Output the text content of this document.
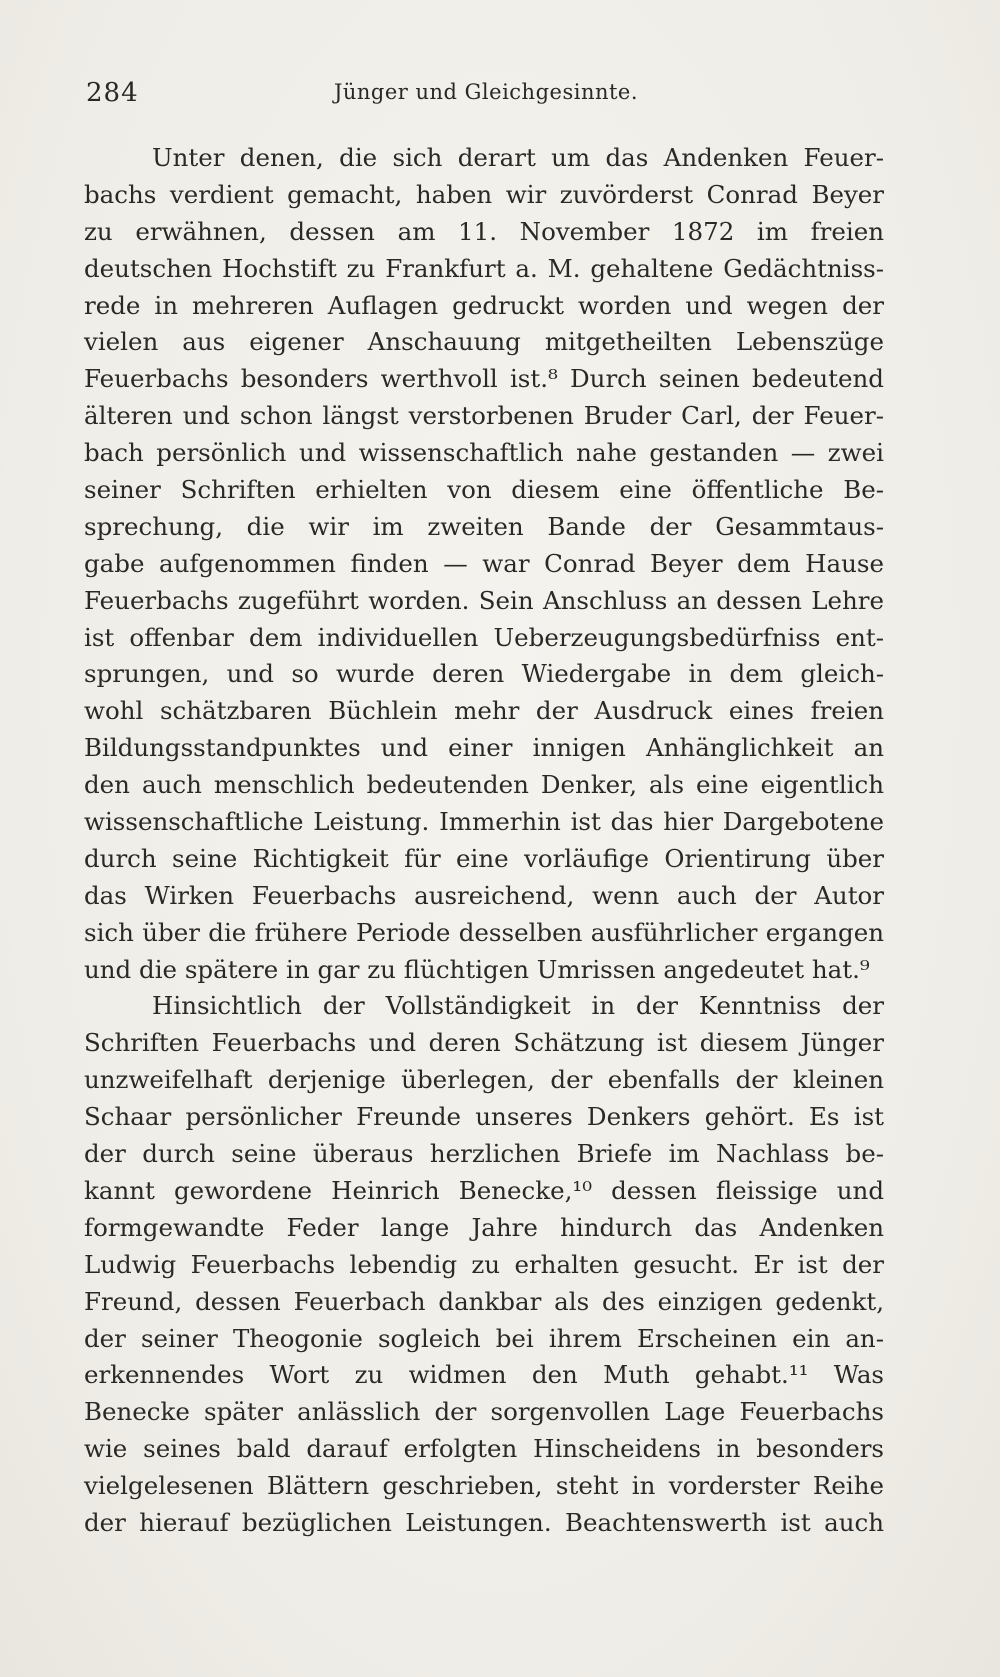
284	Jünger und Gleichgesinnte.
Unter denen, die sich derart um das Andenken Feuer-
bachs verdient gemacht, haben wir zuvörderst Conrad Beyer
zu erwähnen, dessen am 11. November 1872 im freien
deutschen Hochstift zu Frankfurt a. M. gehaltene Gedächtniss-
rede in mehreren Auflagen gedruckt worden und wegen der
vielen aus eigener Anschauung mitgetheilten Lebenszüge
Feuerbachs besonders werthvoll ist.⁸ Durch seinen bedeutend
älteren und schon längst verstorbenen Bruder Carl, der Feuer-
bach persönlich und wissenschaftlich nahe gestanden — zwei
seiner Schriften erhielten von diesem eine öffentliche Be-
sprechung, die wir im zweiten Bande der Gesammtaus-
gabe aufgenommen finden — war Conrad Beyer dem Hause
Feuerbachs zugeführt worden. Sein Anschluss an dessen Lehre
ist offenbar dem individuellen Ueberzeugungsbedürfniss ent-
sprungen, und so wurde deren Wiedergabe in dem gleich-
wohl schätzbaren Büchlein mehr der Ausdruck eines freien
Bildungsstandpunktes und einer innigen Anhänglichkeit an
den auch menschlich bedeutenden Denker, als eine eigentlich
wissenschaftliche Leistung. Immerhin ist das hier Dargebotene
durch seine Richtigkeit für eine vorläufige Orientirung über
das Wirken Feuerbachs ausreichend, wenn auch der Autor
sich über die frühere Periode desselben ausführlicher ergangen
und die spätere in gar zu flüchtigen Umrissen angedeutet hat.⁹
Hinsichtlich der Vollständigkeit in der Kenntniss der
Schriften Feuerbachs und deren Schätzung ist diesem Jünger
unzweifelhaft derjenige überlegen, der ebenfalls der kleinen
Schaar persönlicher Freunde unseres Denkers gehört. Es ist
der durch seine überaus herzlichen Briefe im Nachlass be-
kannt gewordene Heinrich Benecke,¹⁰ dessen fleissige und
formgewandte Feder lange Jahre hindurch das Andenken
Ludwig Feuerbachs lebendig zu erhalten gesucht. Er ist der
Freund, dessen Feuerbach dankbar als des einzigen gedenkt,
der seiner Theogonie sogleich bei ihrem Erscheinen ein an-
erkennendes Wort zu widmen den Muth gehabt.¹¹ Was
Benecke später anlässlich der sorgenvollen Lage Feuerbachs
wie seines bald darauf erfolgten Hinscheidens in besonders
vielgelesenen Blättern geschrieben, steht in vorderster Reihe
der hierauf bezüglichen Leistungen. Beachtenswerth ist auch
